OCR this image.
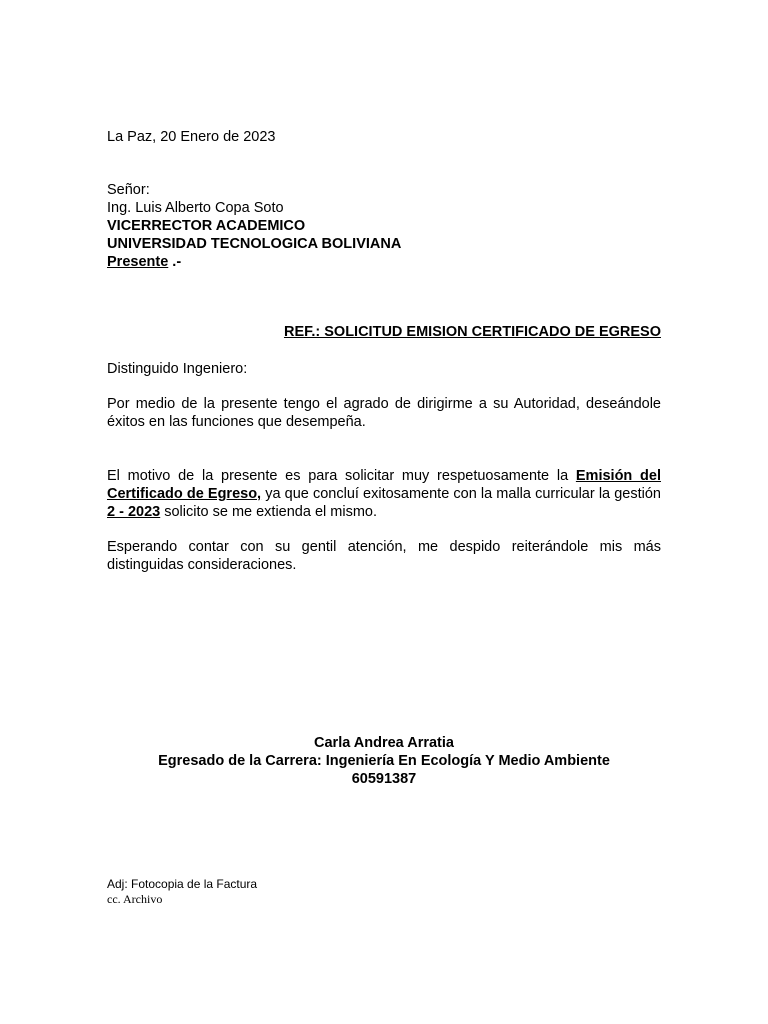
La Paz, 20 Enero de 2023
Señor:
Ing. Luis Alberto Copa Soto
VICERRECTOR ACADEMICO
UNIVERSIDAD TECNOLOGICA BOLIVIANA
Presente .-
REF.: SOLICITUD EMISION CERTIFICADO DE EGRESO
Distinguido Ingeniero:
Por medio de la presente tengo el agrado de dirigirme a su Autoridad, deseándole éxitos en las funciones que desempeña.
El motivo de la presente es para solicitar muy respetuosamente la Emisión del Certificado de Egreso, ya que concluí exitosamente con la malla curricular la gestión 2 - 2023 solicito se me extienda el mismo.
Esperando contar con su gentil atención, me despido reiterándole mis más distinguidas consideraciones.
Carla Andrea Arratia
Egresado de la Carrera: Ingeniería En Ecología Y Medio Ambiente
60591387
Adj: Fotocopia de la Factura
cc. Archivo
